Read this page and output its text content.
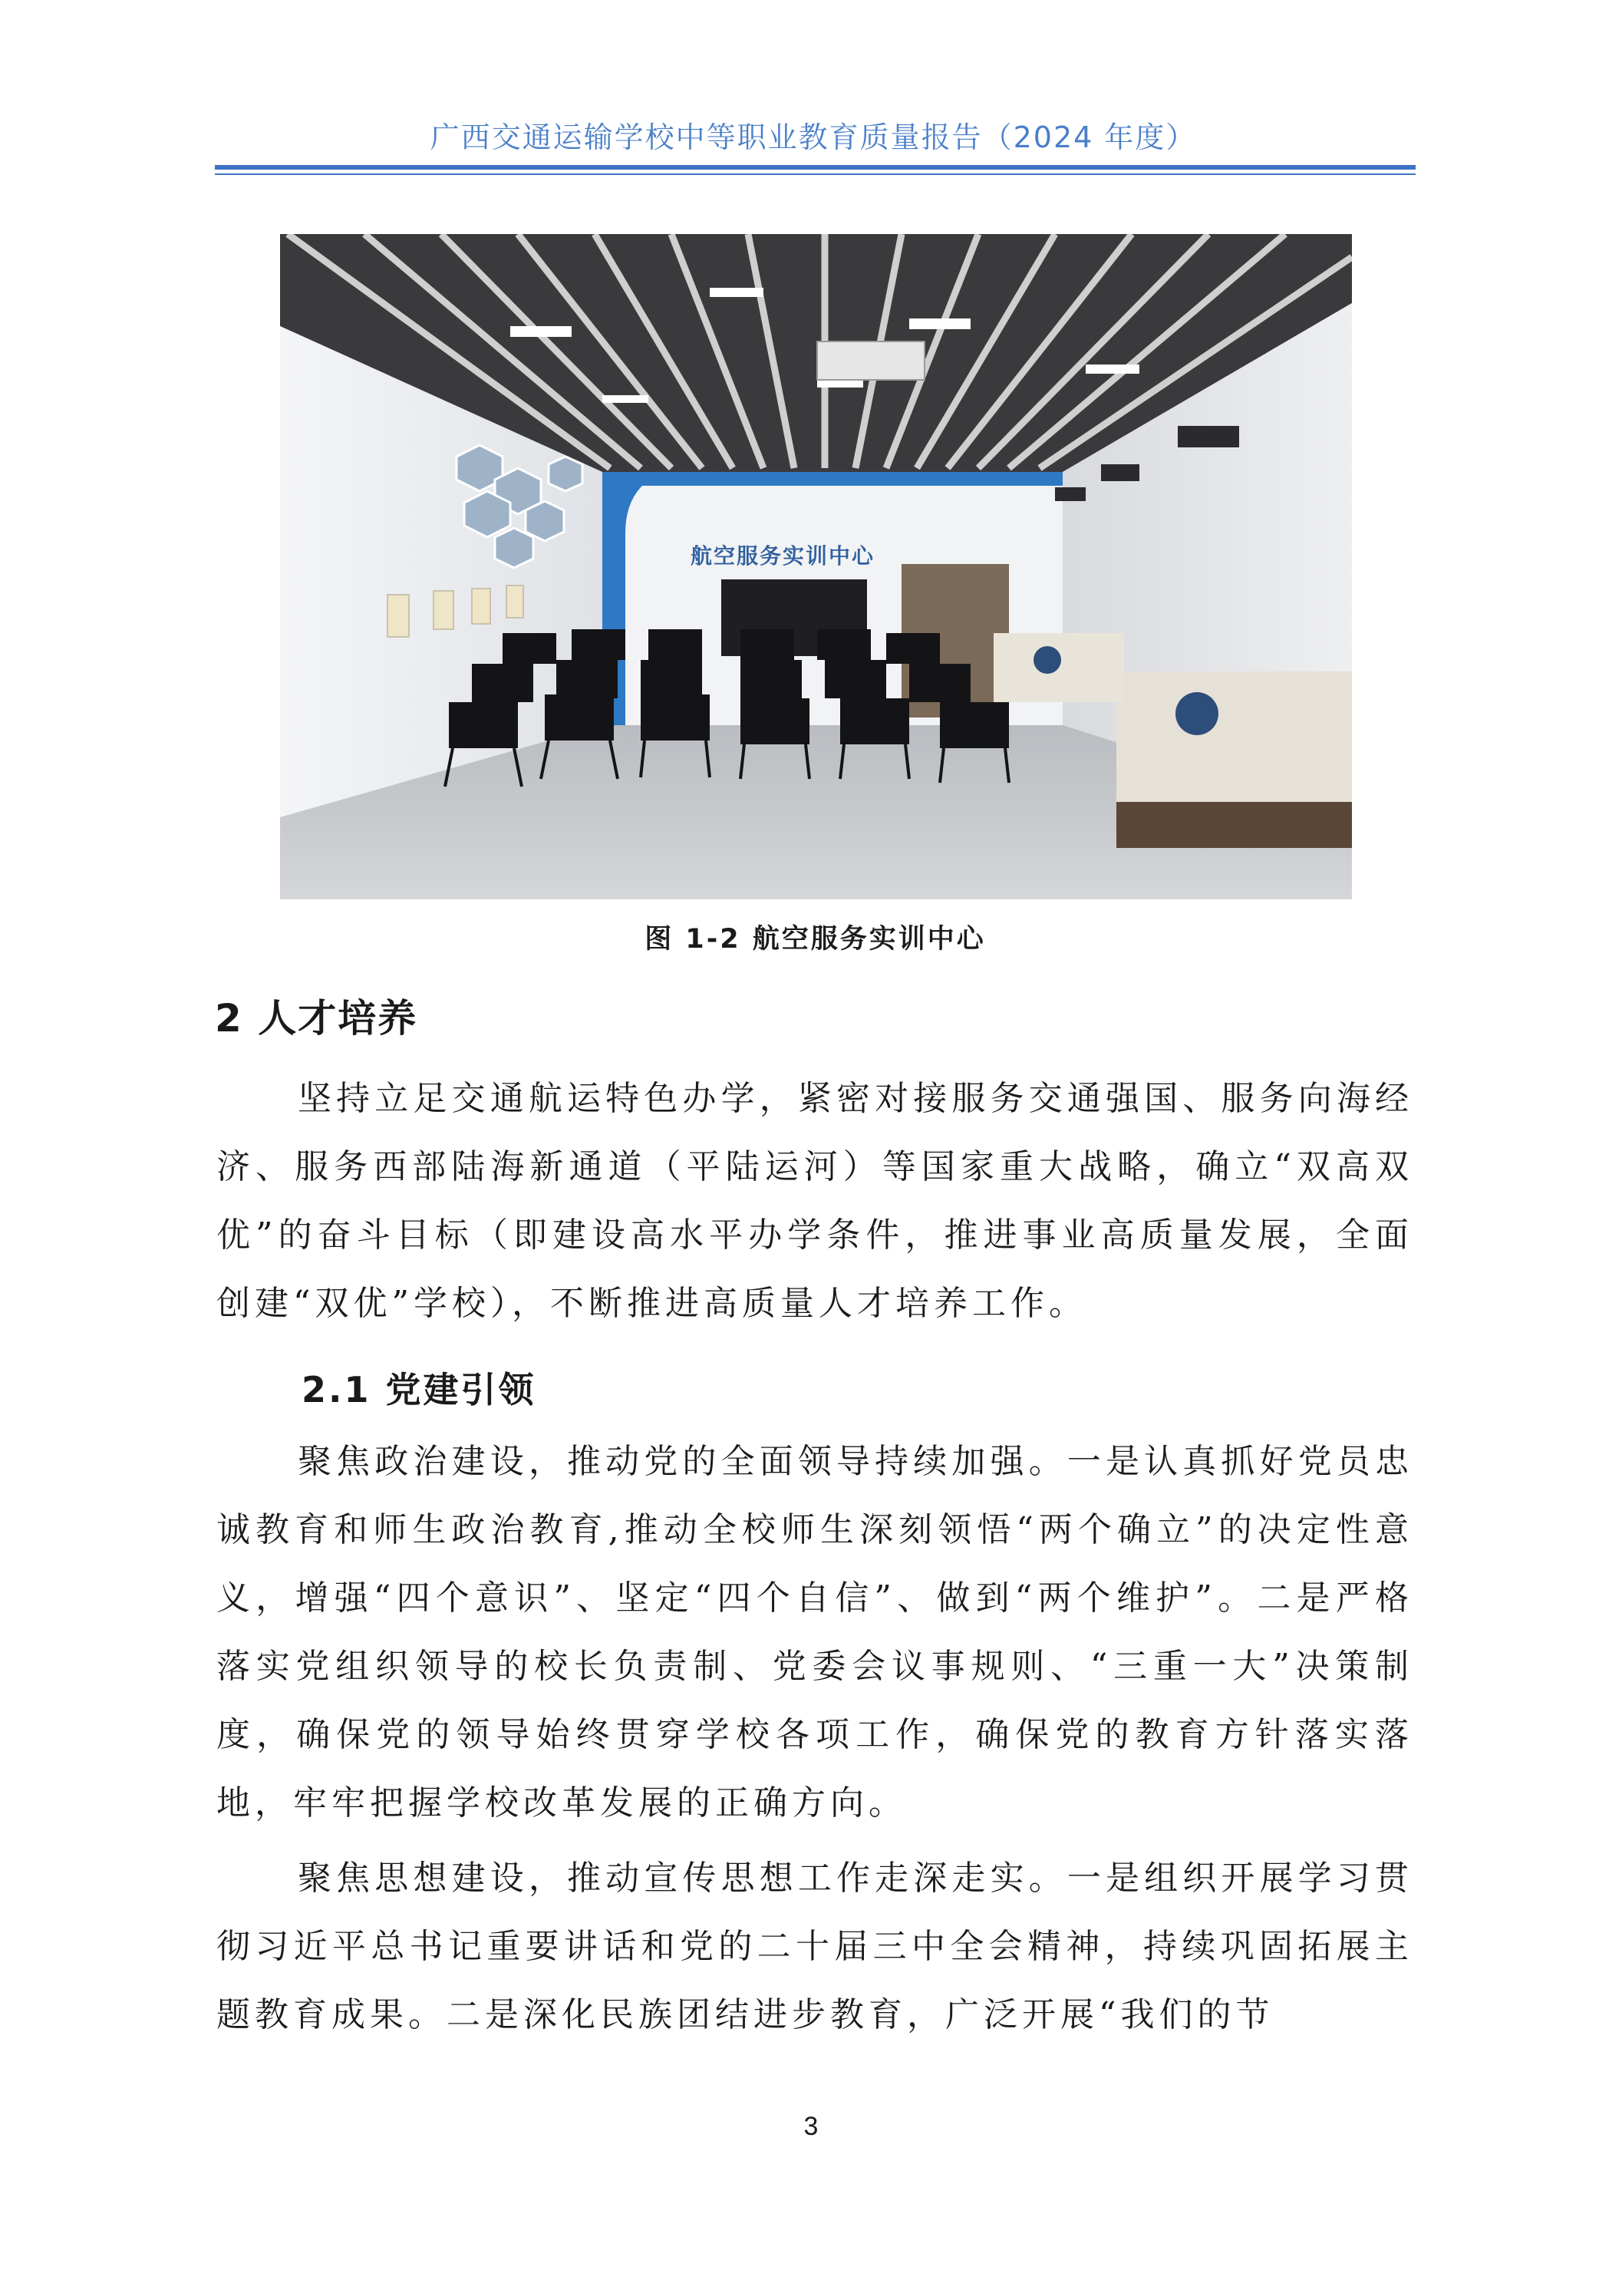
广西交通运输学校中等职业教育质量报告（2024 年度）
航空服务实训中心
图 1-2 航空服务实训中心
2 人才培养
坚持立足交通航运特色办学，紧密对接服务交通强国、服务向海经济、服务西部陆海新通道（平陆运河）等国家重大战略，确立“双高双优”的奋斗目标（即建设高水平办学条件，推进事业高质量发展，全面创建“双优”学校），不断推进高质量人才培养工作。
2.1 党建引领
聚焦政治建设，推动党的全面领导持续加强。一是认真抓好党员忠诚教育和师生政治教育,推动全校师生深刻领悟“两个确立”的决定性意义，增强“四个意识”、坚定“四个自信”、做到“两个维护”。二是严格落实党组织领导的校长负责制、党委会议事规则、“三重一大”决策制度，确保党的领导始终贯穿学校各项工作，确保党的教育方针落实落地，牢牢把握学校改革发展的正确方向。
聚焦思想建设，推动宣传思想工作走深走实。一是组织开展学习贯彻习近平总书记重要讲话和党的二十届三中全会精神，持续巩固拓展主题教育成果。二是深化民族团结进步教育，广泛开展“我们的节
3
